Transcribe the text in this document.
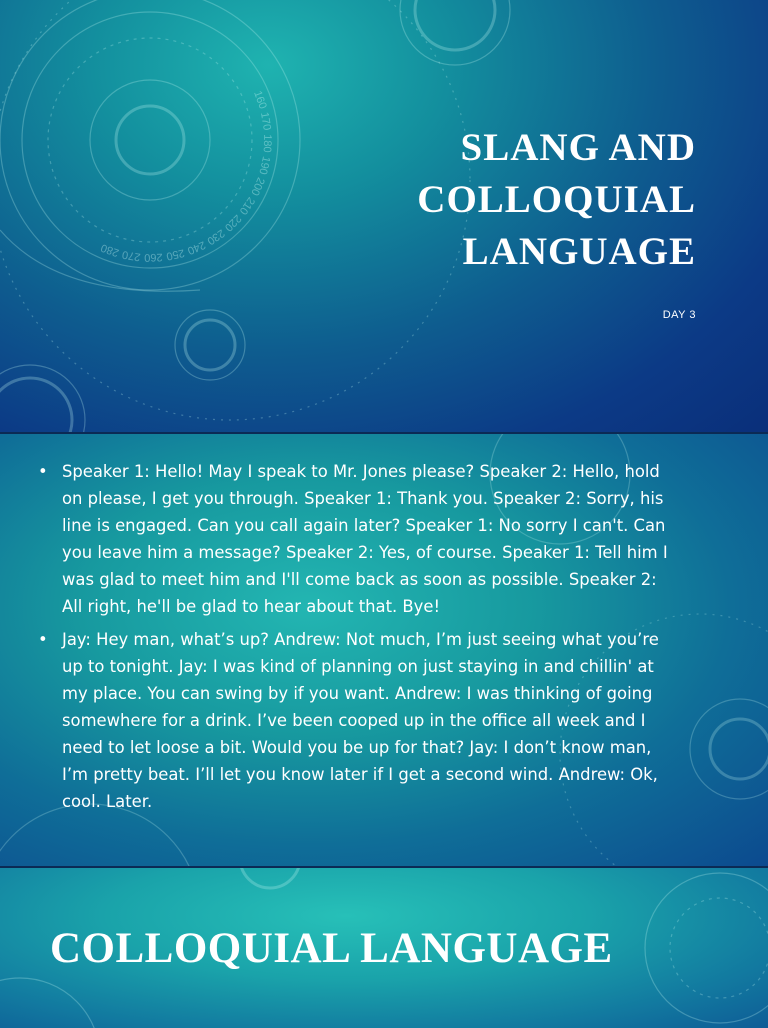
160
170
180
190
200
210
220
230
240
250
260
270
280
SLANG AND COLLOQUIAL LANGUAGE
DAY 3
• Speaker 1: Hello! May I speak to Mr. Jones please? Speaker 2: Hello, hold on please, I get you through. Speaker 1: Thank you. Speaker 2: Sorry, his line is engaged. Can you call again later? Speaker 1: No sorry I can't. Can you leave him a message? Speaker 2: Yes, of course. Speaker 1: Tell him I was glad to meet him and I'll come back as soon as possible. Speaker 2: All right, he'll be glad to hear about that. Bye!
• Jay: Hey man, what’s up? Andrew: Not much, I’m just seeing what you’re up to tonight. Jay: I was kind of planning on just staying in and chillin' at my place. You can swing by if you want. Andrew: I was thinking of going somewhere for a drink. I’ve been cooped up in the office all week and I need to let loose a bit. Would you be up for that? Jay: I don’t know man, I’m pretty beat. I’ll let you know later if I get a second wind. Andrew: Ok, cool. Later.
COLLOQUIAL LANGUAGE
